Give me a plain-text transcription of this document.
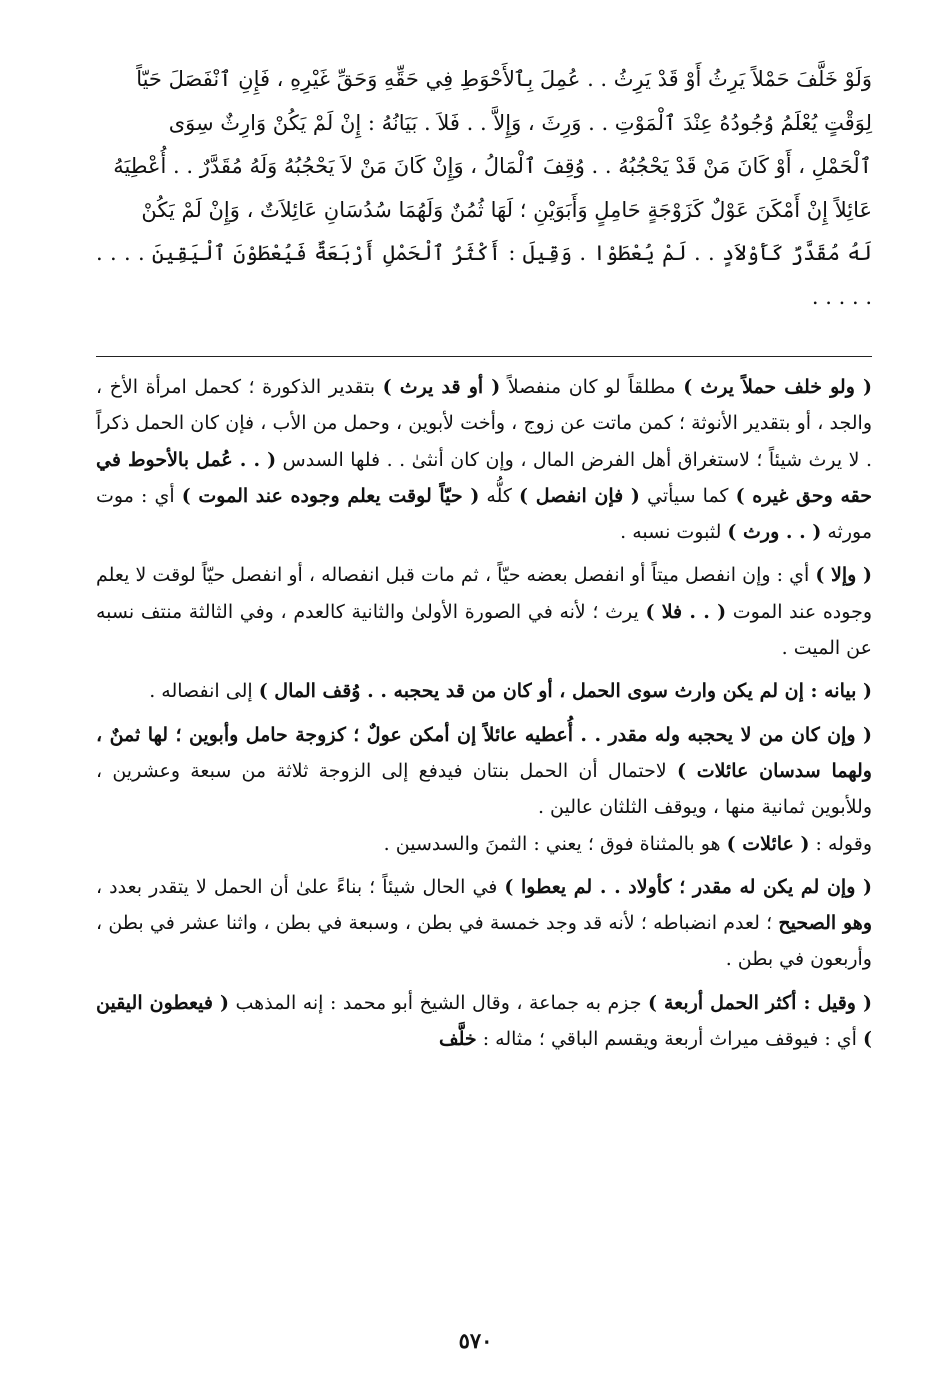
وَلَوْ خَلَّفَ حَمْلاً يَرِثُ أَوْ قَدْ يَرِثُ . . عُمِلَ بِٱلأَحْوَطِ فِي حَقِّهِ وَحَقِّ غَيْرِهِ ، فَإِنِ ٱنْفَصَلَ حَيّاً

لِوَقْتٍ يُعْلَمُ وُجُودُهُ عِنْدَ ٱلْمَوْتِ . . وَرِثَ ، وَإِلاَّ . . فَلاَ . بَيَانُهُ : إِنْ لَمْ يَكُنْ وَارِثٌ سِوَى

ٱلْحَمْلِ ، أَوْ كَانَ مَنْ قَدْ يَحْجُبُهُ . . وُقِفَ ٱلْمَالُ ، وَإِنْ كَانَ مَنْ لاَ يَحْجُبُهُ وَلَهُ مُقَدَّرٌ . . أُعْطِيَهُ

عَائِلاً إِنْ أَمْكَنَ عَوْلٌ كَزَوْجَةٍ حَامِلٍ وَأَبَوَيْنِ ؛ لَهَا ثُمُنٌ وَلَهُمَا سُدُسَانِ عَائِلاَتٌ ، وَإِنْ لَمْ يَكُنْ

لَهُ مُقَدَّرٌ كَأَوْلاَدٍ . . لَمْ يُعْطَوْا . وَقِيلَ : أَكْثَرُ ٱلْحَمْلِ أَرْبَعَةٌ فَيُعْطَوْنَ ٱلْيَقِينَ . . . . . . . . .

( ولو خلف حملاً يرث ) مطلقاً لو كان منفصلاً ( أو قد يرث ) بتقدير الذكورة ؛ كحمل امرأة الأخ ، والجد ، أو بتقدير الأنوثة ؛ كمن ماتت عن زوج ، وأخت لأبوين ، وحمل من الأب ، فإن كان الحمل ذكراً . لا يرث شيئاً ؛ لاستغراق أهل الفرض المال ، وإن كان أنثىٰ . . فلها السدس ( . . عُمل بالأحوط في حقه وحق غيره ) كما سيأتي ( فإن انفصل ) كلُّه ( حيّاً لوقت يعلم وجوده عند الموت ) أي : موت مورثه ( . . ورث ) لثبوت نسبه .

( وإلا ) أي : وإن انفصل ميتاً أو انفصل بعضه حيّاً ، ثم مات قبل انفصاله ، أو انفصل حيّاً لوقت لا يعلم وجوده عند الموت ( . . فلا ) يرث ؛ لأنه في الصورة الأولىٰ والثانية كالعدم ، وفي الثالثة منتف نسبه عن الميت .

( بيانه : إن لم يكن وارث سوى الحمل ، أو كان من قد يحجبه . . وُقف المال ) إلى انفصاله .

( وإن كان من لا يحجبه وله مقدر . . أُعطيه عائلاً إن أمكن عولٌ ؛ كزوجة حامل وأبوين ؛ لها ثمنٌ ، ولهما سدسان عائلات ) لاحتمال أن الحمل بنتان فيدفع إلى الزوجة ثلاثة من سبعة وعشرين ، وللأبوين ثمانية منها ، ويوقف الثلثان عالين .

وقوله : ( عائلات ) هو بالمثناة فوق ؛ يعني : الثمنَ والسدسين .

( وإن لم يكن له مقدر ؛ كأولاد . . لم يعطوا ) في الحال شيئاً ؛ بناءً علىٰ أن الحمل لا يتقدر بعدد ، وهو الصحيح ؛ لعدم انضباطه ؛ لأنه قد وجد خمسة في بطن ، وسبعة في بطن ، واثنا عشر في بطن ، وأربعون في بطن .

( وقيل : أكثر الحمل أربعة ) جزم به جماعة ، وقال الشيخ أبو محمد : إنه المذهب ( فيعطون اليقين ) أي : فيوقف ميراث أربعة ويقسم الباقي ؛ مثاله : خلَّف

٥٧٠
